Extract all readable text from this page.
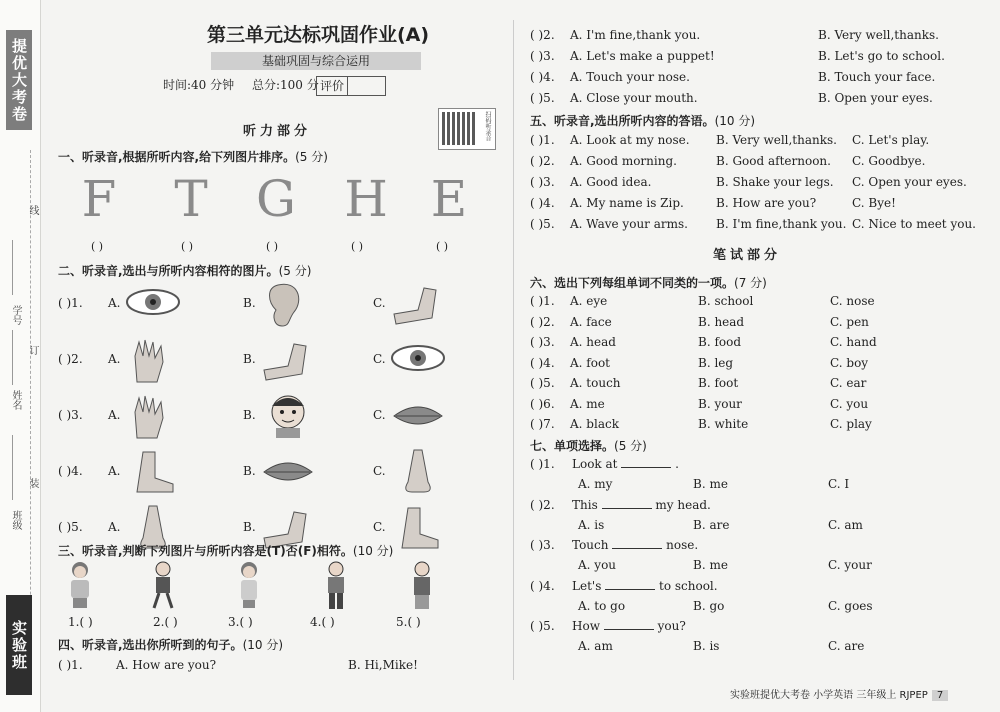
提优大考卷
学号
姓名
班级
线
订
装
实验班
第三单元达标巩固作业(A)
基础巩固与综合运用
时间:40 分钟 总分:100 分 评价
扫码听录音
听力部分
一、听录音,根据所听内容,给下列图片排序。(5 分)
F T G H E
( )	( )	( )	( )	( )
二、听录音,选出与所听内容相符的图片。(5 分)
( )1. A.	B.	C.
( )2. A.	B.	C.
( )3. A.	B.	C.
( )4. A.	B.	C.
( )5. A.	B.	C.
三、听录音,判断下列图片与所听内容是(T)否(F)相符。(10 分)
1.( )	2.( )	3.( )	4.( )	5.( )
四、听录音,选出你所听到的句子。(10 分)
( )1.	A. How are you?	B. Hi,Mike!
( )2. A. I'm fine,thank you.	B. Very well,thanks.
( )3. A. Let's make a puppet!	B. Let's go to school.
( )4. A. Touch your nose.	B. Touch your face.
( )5. A. Close your mouth.	B. Open your eyes.
五、听录音,选出所听内容的答语。(10 分)
( )1. A. Look at my nose. B. Very well,thanks. C. Let's play.
( )2. A. Good morning.	B. Good afternoon. C. Goodbye.
( )3. A. Good idea.	B. Shake your legs. C. Open your eyes.
( )4. A. My name is Zip.	B. How are you?	C. Bye!
( )5. A. Wave your arms. B. I'm fine,thank you. C. Nice to meet you.
笔试部分
六、选出下列每组单词不同类的一项。(7 分)
( )1. A. eye	B. school	C. nose
( )2. A. face	B. head	C. pen
( )3. A. head	B. food	C. hand
( )4. A. foot	B. leg	C. boy
( )5. A. touch	B. foot	C. ear
( )6. A. me	B. your	C. you
( )7. A. black	B. white	C. play
七、单项选择。(5 分)
( )1. Look at	.
A. my	B. me	C. I
( )2. This	my head.
A. is	B. are	C. am
( )3. Touch	nose.
A. you	B. me	C. your
( )4. Let's	to school.
A. to go	B. go	C. goes
( )5. How	you?
A. am	B. is	C. are
实验班提优大考卷 小学英语 三年级上 RJPEP 7
